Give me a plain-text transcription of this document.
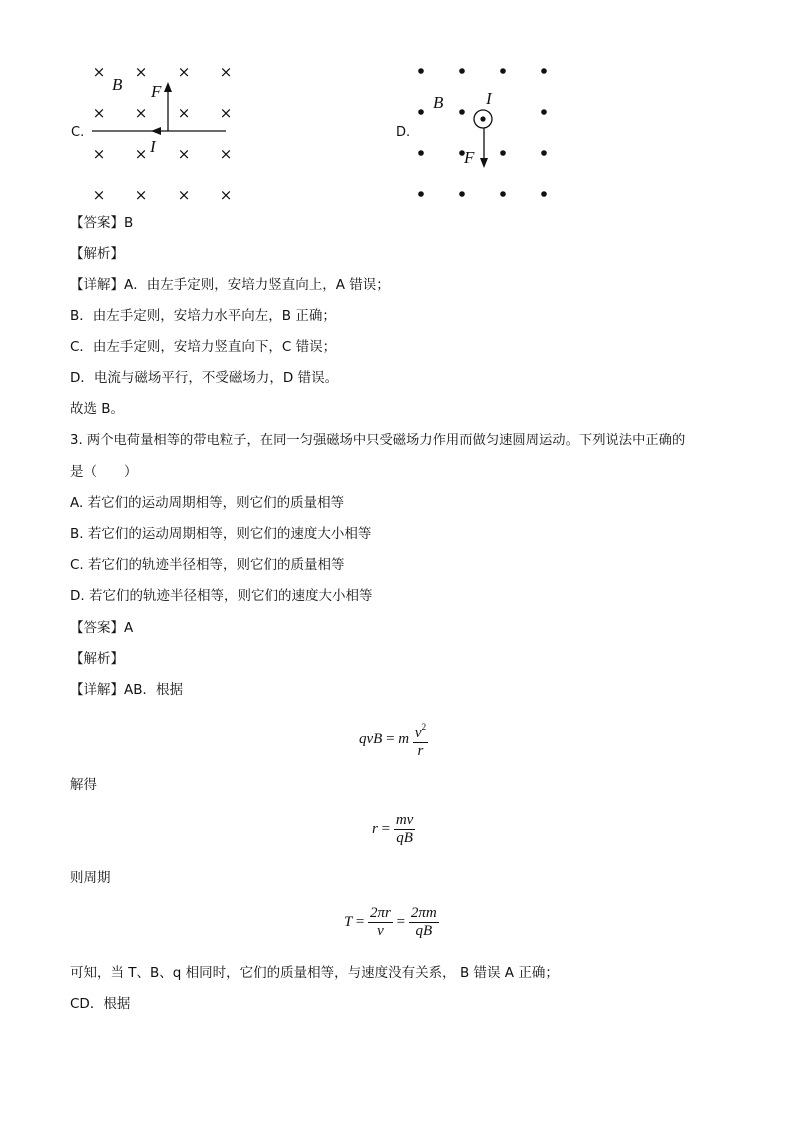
C.
× × × ×
× × × ×
× × × ×
× × × ×
B F
I
D.
B	I
F
【答案】B
【解析】
【详解】A．由左手定则，安培力竖直向上，A 错误；
B．由左手定则，安培力水平向左，B 正确；
C．由左手定则，安培力竖直向下，C 错误；
D．电流与磁场平行，不受磁场力，D 错误。
故选 B。
3. 两个电荷量相等的带电粒子，在同一匀强磁场中只受磁场力作用而做匀速圆周运动。下列说法中正确的
是（　　）
A. 若它们的运动周期相等，则它们的质量相等
B. 若它们的运动周期相等，则它们的速度大小相等
C. 若它们的轨迹半径相等，则它们的质量相等
D. 若它们的轨迹半径相等，则它们的速度大小相等
【答案】A
【解析】
【详解】AB．根据
qvB = m $\frac{v^2}{r}$
解得
$r = \frac{mv}{qB}$
则周期
$T = \frac{2\pi r}{v} = \frac{2\pi m}{qB}$
可知，当 T、B、q 相同时，它们的质量相等，与速度没有关系， B 错误 A 正确；
CD．根据
